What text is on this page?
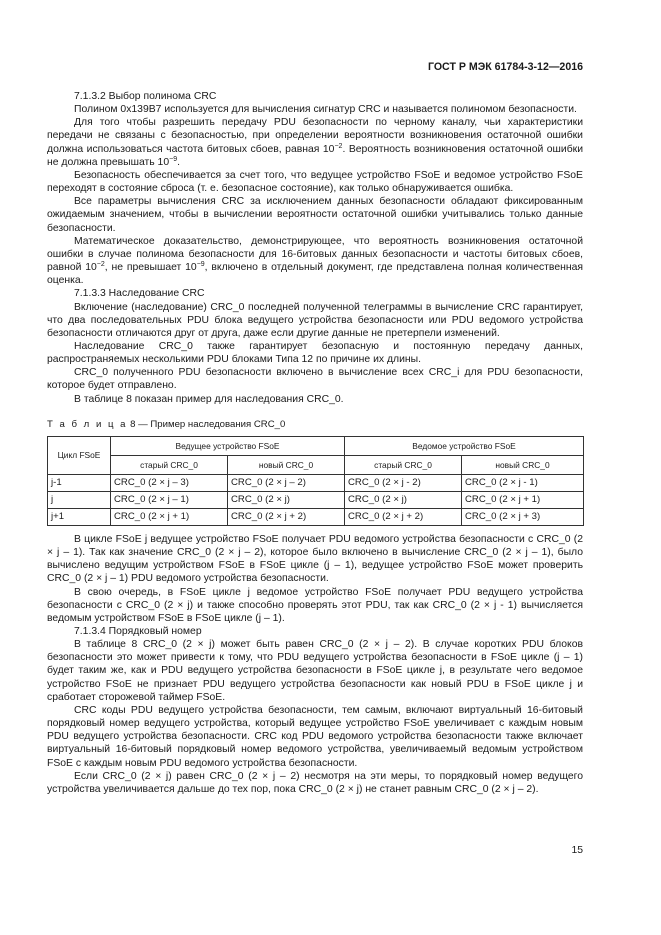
ГОСТ Р МЭК 61784-3-12—2016
7.1.3.2 Выбор полинома CRC

Полином 0x139B7 используется для вычисления сигнатур CRC и называется полиномом безопасности.

Для того чтобы разрешить передачу PDU безопасности по черному каналу, чьи характеристики передачи не связаны с безопасностью, при определении вероятности возникновения остаточной ошибки должна использоваться частота битовых сбоев, равная $10^{-2}$. Вероятность возникновения остаточной ошибки не должна превышать $10^{-9}$.

Безопасность обеспечивается за счет того, что ведущее устройство FSoE и ведомое устройство FSoE переходят в состояние сброса (т. е. безопасное состояние), как только обнаруживается ошибка.

Все параметры вычисления CRC за исключением данных безопасности обладают фиксированным ожидаемым значением, чтобы в вычислении вероятности остаточной ошибки учитывались только данные безопасности.

Математическое доказательство, демонстрирующее, что вероятность возникновения остаточной ошибки в случае полинома безопасности для 16-битовых данных безопасности и частоты битовых сбоев, равной $10^{-2}$, не превышает $10^{-9}$, включено в отдельный документ, где представлена полная количественная оценка.

7.1.3.3 Наследование CRC

Включение (наследование) CRC_0 последней полученной телеграммы в вычисление CRC гарантирует, что два последовательных PDU блока ведущего устройства безопасности или PDU ведомого устройства безопасности отличаются друг от друга, даже если другие данные не претерпели изменений.

Наследование CRC_0 также гарантирует безопасную и постоянную передачу данных, распространяемых несколькими PDU блоками Типа 12 по причине их длины.

CRC_0 полученного PDU безопасности включено в вычисление всех CRC_i для PDU безопасности, которое будет отправлено.

В таблице 8 показан пример для наследования CRC_0.

Т а б л и ц а 8 — Пример наследования CRC_0
Цикл FSoE	Ведущее устройство FSoE		Ведомое устройство FSoE	
	старый CRC_0	новый CRC_0	старый CRC_0	новый CRC_0
j-1	CRC_0 (2 × j – 3)	CRC_0 (2 × j – 2)	CRC_0 (2 × j - 2)	CRC_0 (2 × j - 1)
j	CRC_0 (2 × j – 1)	CRC_0 (2 × j)	CRC_0 (2 × j)	CRC_0 (2 × j + 1)
j+1	CRC_0 (2 × j + 1)	CRC_0 (2 × j + 2)	CRC_0 (2 × j + 2)	CRC_0 (2 × j + 3)

В цикле FSoE j ведущее устройство FSoE получает PDU ведомого устройства безопасности с CRC_0 (2 × j – 1). Так как значение CRC_0 (2 × j – 2), которое было включено в вычисление CRC_0 (2 × j – 1), было вычислено ведущим устройством FSoE в FSoE цикле (j – 1), ведущее устройство FSoE может проверить CRC_0 (2 × j – 1) PDU ведомого устройства безопасности.

В свою очередь, в FSoE цикле j ведомое устройство FSoE получает PDU ведущего устройства безопасности с CRC_0 (2 × j) и также способно проверять этот PDU, так как CRC_0 (2 × j - 1) вычисляется ведомым устройством FSoE в FSoE цикле (j – 1).

7.1.3.4 Порядковый номер

В таблице 8 CRC_0 (2 × j) может быть равен CRC_0 (2 × j – 2). В случае коротких PDU блоков безопасности это может привести к тому, что PDU ведущего устройства безопасности в FSoE цикле (j – 1) будет таким же, как и PDU ведущего устройства безопасности в FSoE цикле j, в результате чего ведомое устройство FSoE не признает PDU ведущего устройства безопасности как новый PDU в FSoE цикле j и сработает сторожевой таймер FSoE.

CRC коды PDU ведущего устройства безопасности, тем самым, включают виртуальный 16-битовый порядковый номер ведущего устройства, который ведущее устройство FSoE увеличивает с каждым новым PDU ведущего устройства безопасности. CRC код PDU ведомого устройства безопасности также включает виртуальный 16-битовый порядковый номер ведомого устройства, увеличиваемый ведомым устройством FSoE с каждым новым PDU ведомого устройства безопасности.

Если CRC_0 (2 × j) равен CRC_0 (2 × j – 2) несмотря на эти меры, то порядковый номер ведущего устройства увеличивается дальше до тех пор, пока CRC_0 (2 × j) не станет равным CRC_0 (2 × j – 2).

15
